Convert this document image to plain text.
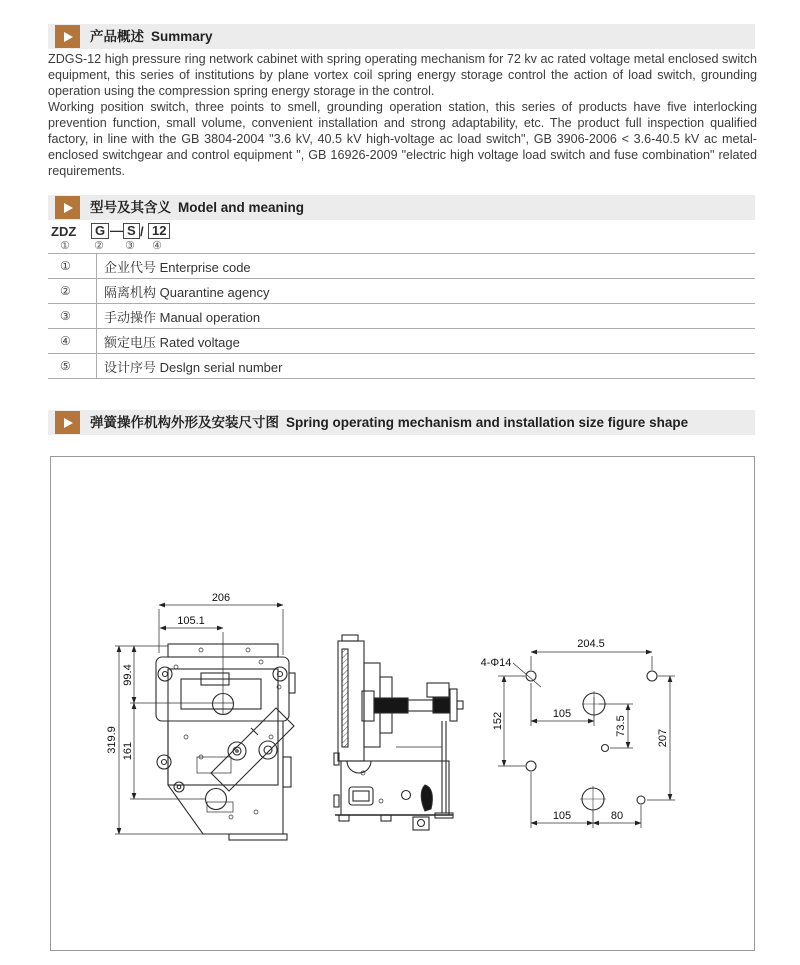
产品概述 Summary

ZDGS-12 high pressure ring network cabinet with spring operating mechanism for 72 kv ac rated voltage metal enclosed switch equipment, this series of institutions by plane vortex coil spring energy storage control the action of load switch, grounding operation using the compression spring energy storage in the control.

Working position switch, three points to smell, grounding operation station, this series of products have five interlocking prevention function, small volume, convenient installation and strong adaptability, etc. The product full inspection qualified factory, in line with the GB 3804-2004 "3.6 kV, 40.5 kV high-voltage ac load switch", GB 3906-2006 < 3.6-40.5 kV ac metal-enclosed switchgear and control equipment ", GB 16926-2009 "electric high voltage load switch and fuse combination" related requirements.

型号及其含义 Model and meaning
ZDZ	G — S / 12
① ② ③ ④
①	企业代号 Enterprise code
②	隔离机构 Quarantine agency
③	手动操作 Manual operation
④	额定电压 Rated voltage
⑤	设计序号 Deslgn serial number
弹簧操作机构外形及安装尺寸图 Spring operating mechanism and installation size figure shape
206
105.1
319.9
99.4
161
204.5
4-Φ14
152	105
73.5
207
105	80
